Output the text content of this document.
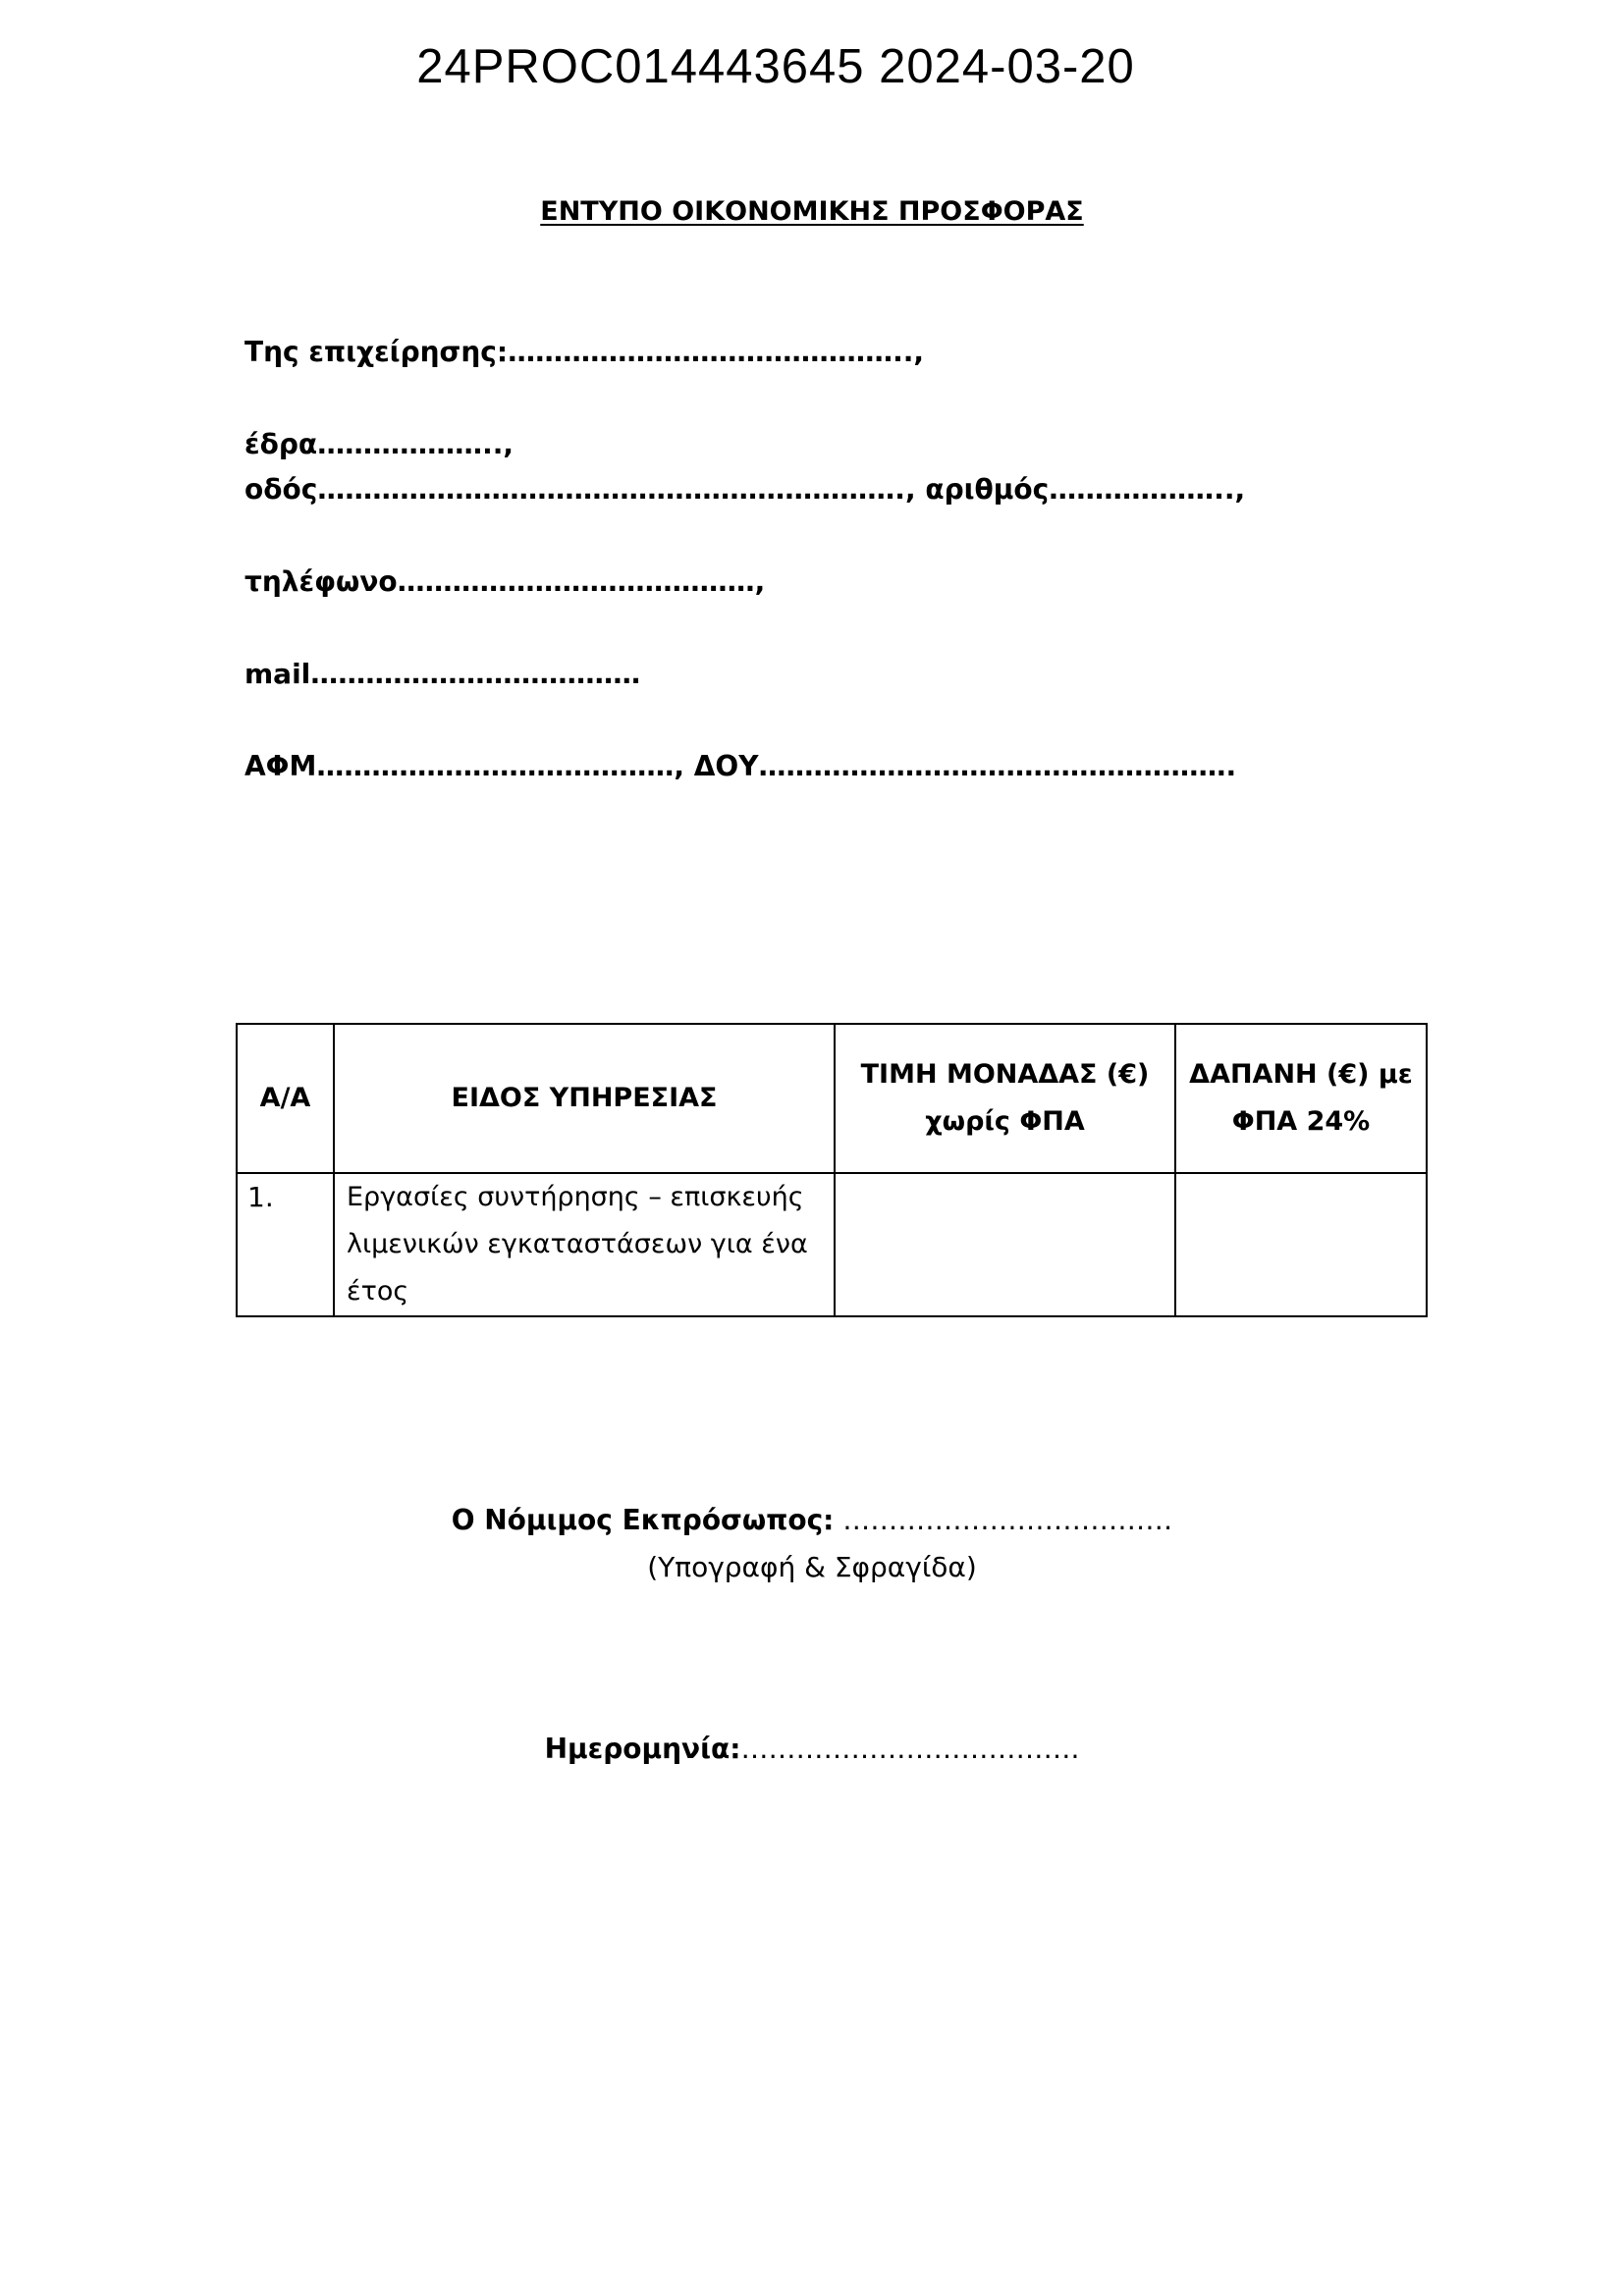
24PROC014443645 2024-03-20
ΕΝΤΥΠΟ ΟΙΚΟΝΟΜΙΚΗΣ ΠΡΟΣΦΟΡΑΣ
Της επιχείρησης:……………………………………..,
έδρα………………..,
οδός………………………………………………………., αριθμός………………..,
τηλέφωνο…………………………………,
mail………………………………
ΑΦΜ…………………………………, ΔΟΥ…………………………………………….
Α/Α	ΕΙΔΟΣ ΥΠΗΡΕΣΙΑΣ	ΤΙΜΗ ΜΟΝΑΔΑΣ (€) χωρίς ΦΠΑ	ΔΑΠΑΝΗ (€) με ΦΠΑ 24%
1.	Εργασίες συντήρησης – επισκευής λιμενικών εγκαταστάσεων για ένα έτος		
Ο Νόμιμος Εκπρόσωπος: ………………………………
(Υπογραφή & Σφραγίδα)
Ημερομηνία:……………………………….
